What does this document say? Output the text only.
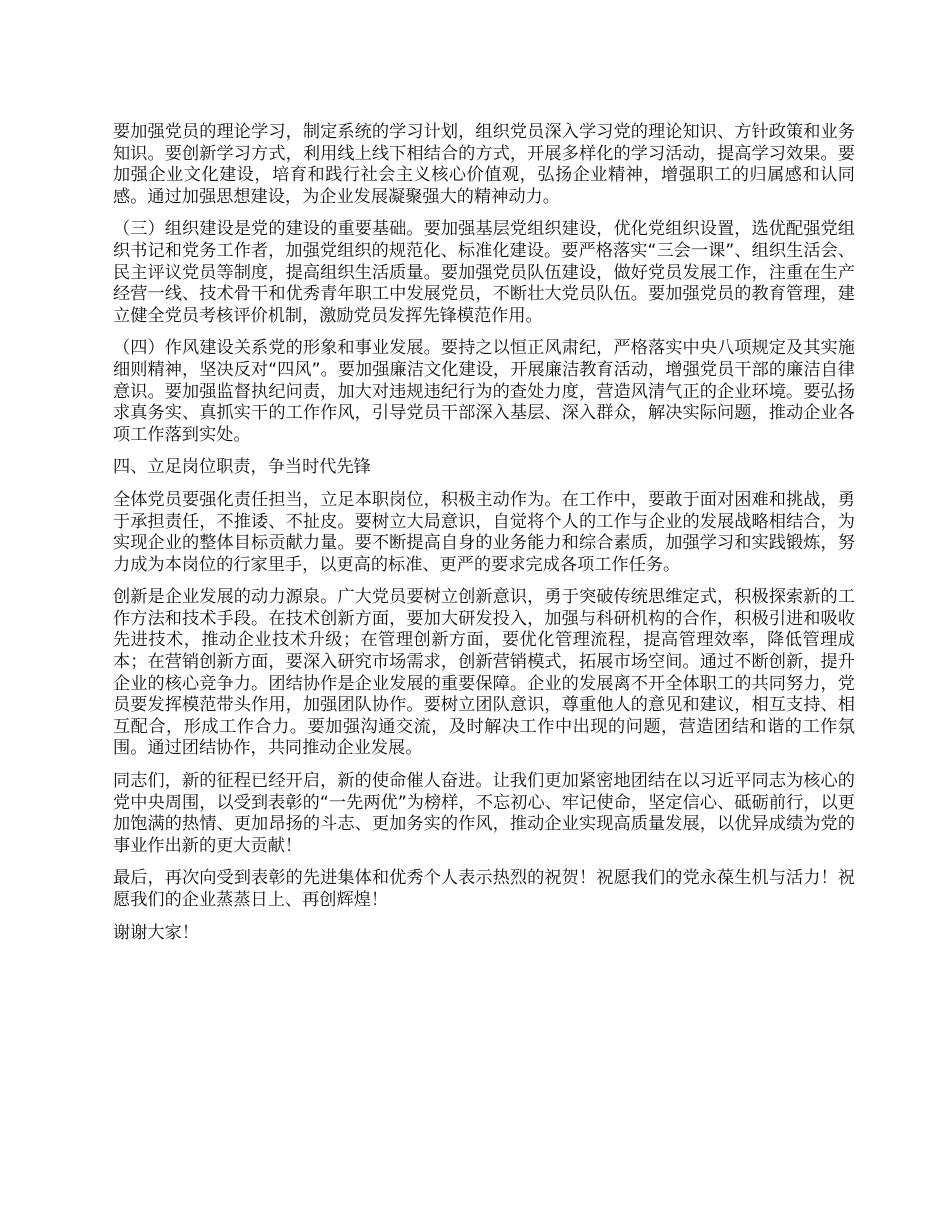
要加强党员的理论学习，制定系统的学习计划，组织党员深入学习党的理论知识、方针政策和业务知识。要创新学习方式，利用线上线下相结合的方式，开展多样化的学习活动，提高学习效果。要加强企业文化建设，培育和践行社会主义核心价值观，弘扬企业精神，增强职工的归属感和认同感。通过加强思想建设，为企业发展凝聚强大的精神动力。

（三）组织建设是党的建设的重要基础。要加强基层党组织建设，优化党组织设置，选优配强党组织书记和党务工作者，加强党组织的规范化、标准化建设。要严格落实“三会一课”、组织生活会、民主评议党员等制度，提高组织生活质量。要加强党员队伍建设，做好党员发展工作，注重在生产经营一线、技术骨干和优秀青年职工中发展党员，不断壮大党员队伍。要加强党员的教育管理，建立健全党员考核评价机制，激励党员发挥先锋模范作用。

（四）作风建设关系党的形象和事业发展。要持之以恒正风肃纪，严格落实中央八项规定及其实施细则精神，坚决反对“四风”。要加强廉洁文化建设，开展廉洁教育活动，增强党员干部的廉洁自律意识。要加强监督执纪问责，加大对违规违纪行为的查处力度，营造风清气正的企业环境。要弘扬求真务实、真抓实干的工作作风，引导党员干部深入基层、深入群众，解决实际问题，推动企业各项工作落到实处。

四、立足岗位职责，争当时代先锋

全体党员要强化责任担当，立足本职岗位，积极主动作为。在工作中，要敢于面对困难和挑战，勇于承担责任，不推诿、不扯皮。要树立大局意识，自觉将个人的工作与企业的发展战略相结合，为实现企业的整体目标贡献力量。要不断提高自身的业务能力和综合素质，加强学习和实践锻炼，努力成为本岗位的行家里手，以更高的标准、更严的要求完成各项工作任务。

创新是企业发展的动力源泉。广大党员要树立创新意识，勇于突破传统思维定式，积极探索新的工作方法和技术手段。在技术创新方面，要加大研发投入，加强与科研机构的合作，积极引进和吸收先进技术，推动企业技术升级；在管理创新方面，要优化管理流程，提高管理效率，降低管理成本；在营销创新方面，要深入研究市场需求，创新营销模式，拓展市场空间。通过不断创新，提升企业的核心竞争力。团结协作是企业发展的重要保障。企业的发展离不开全体职工的共同努力，党员要发挥模范带头作用，加强团队协作。要树立团队意识，尊重他人的意见和建议，相互支持、相互配合，形成工作合力。要加强沟通交流，及时解决工作中出现的问题，营造团结和谐的工作氛围。通过团结协作，共同推动企业发展。

同志们，新的征程已经开启，新的使命催人奋进。让我们更加紧密地团结在以习近平同志为核心的党中央周围，以受到表彰的“一先两优”为榜样，不忘初心、牢记使命，坚定信心、砥砺前行，以更加饱满的热情、更加昂扬的斗志、更加务实的作风，推动企业实现高质量发展，以优异成绩为党的事业作出新的更大贡献！

最后，再次向受到表彰的先进集体和优秀个人表示热烈的祝贺！祝愿我们的党永葆生机与活力！祝愿我们的企业蒸蒸日上、再创辉煌！

谢谢大家！
